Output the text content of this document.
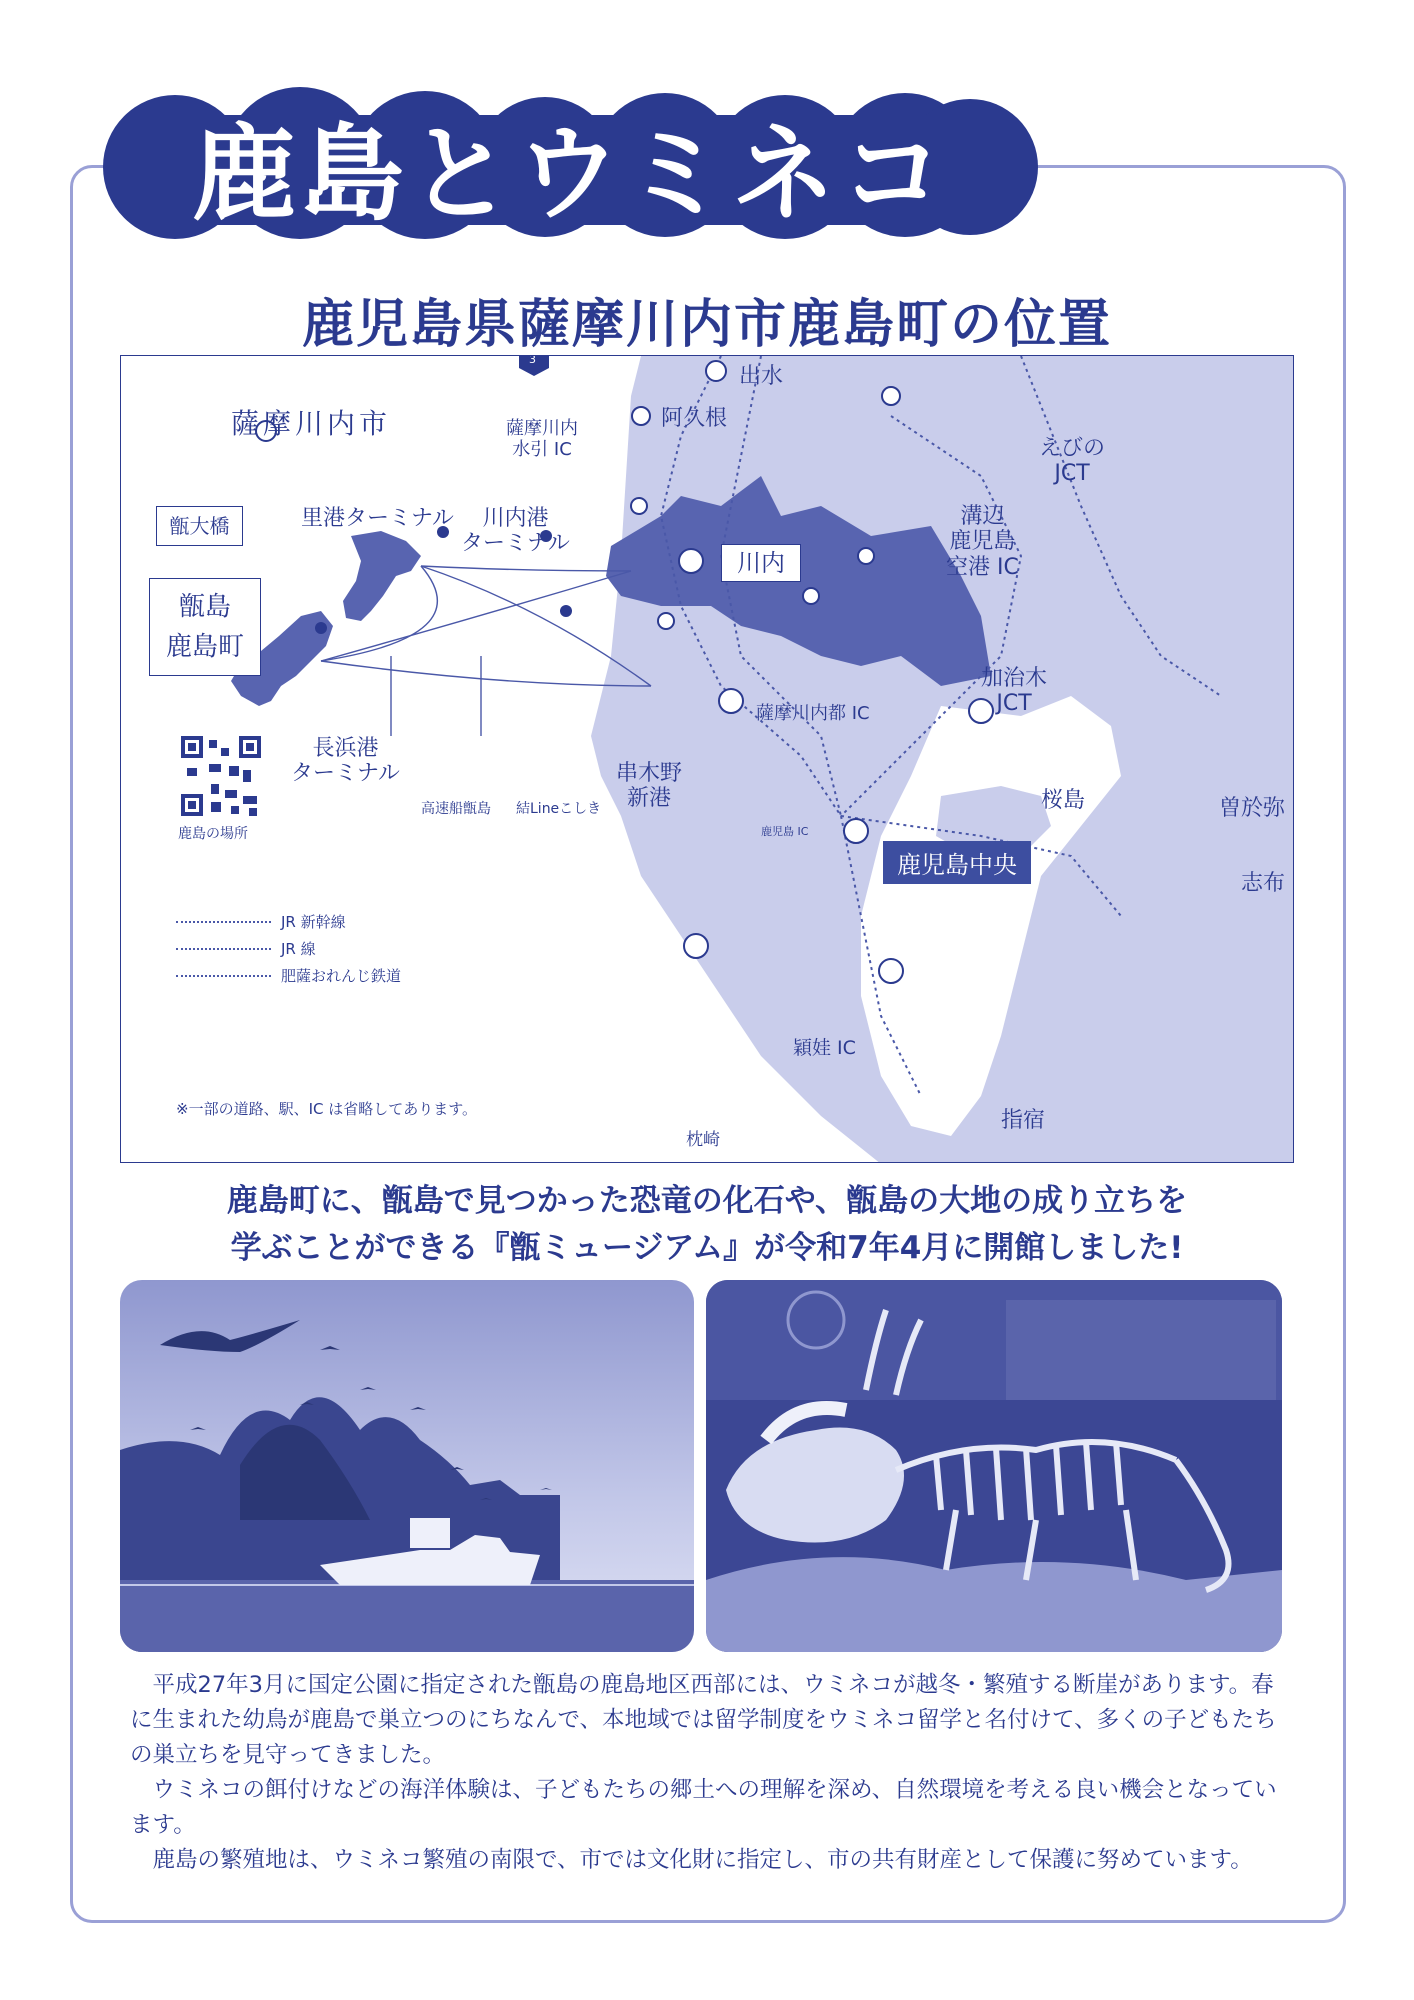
鹿島とウミネコ
鹿児島県薩摩川内市鹿島町の位置
薩摩川内市
甑大橋
甑島
鹿島町
里港ターミナル
長浜港
ターミナル
川内港
ターミナル
串木野
新港
高速船甑島 結Lineこしき
薩摩川内
水引 IC
出水
阿久根
3
川内
えびの
JCT
溝辺
鹿児島
空港 IC
加治木
JCT
薩摩川内都 IC
桜島	曽於弥
鹿児島中央
鹿児島 IC
志布
穎娃 IC
指宿
枕崎
鹿島の場所
JR 新幹線
JR 線
肥薩おれんじ鉄道
※一部の道路、駅、IC は省略してあります。
鹿島町に、甑島で見つかった恐竜の化石や、甑島の大地の成り立ちを
学ぶことができる『甑ミュージアム』が令和7年4月に開館しました!

平成27年3月に国定公園に指定された甑島の鹿島地区西部には、ウミネコが越冬・繁殖する断崖があります。春に生まれた幼鳥が鹿島で巣立つのにちなんで、本地域では留学制度をウミネコ留学と名付けて、多くの子どもたちの巣立ちを見守ってきました。

ウミネコの餌付けなどの海洋体験は、子どもたちの郷土への理解を深め、自然環境を考える良い機会となっています。

鹿島の繁殖地は、ウミネコ繁殖の南限で、市では文化財に指定し、市の共有財産として保護に努めています。
